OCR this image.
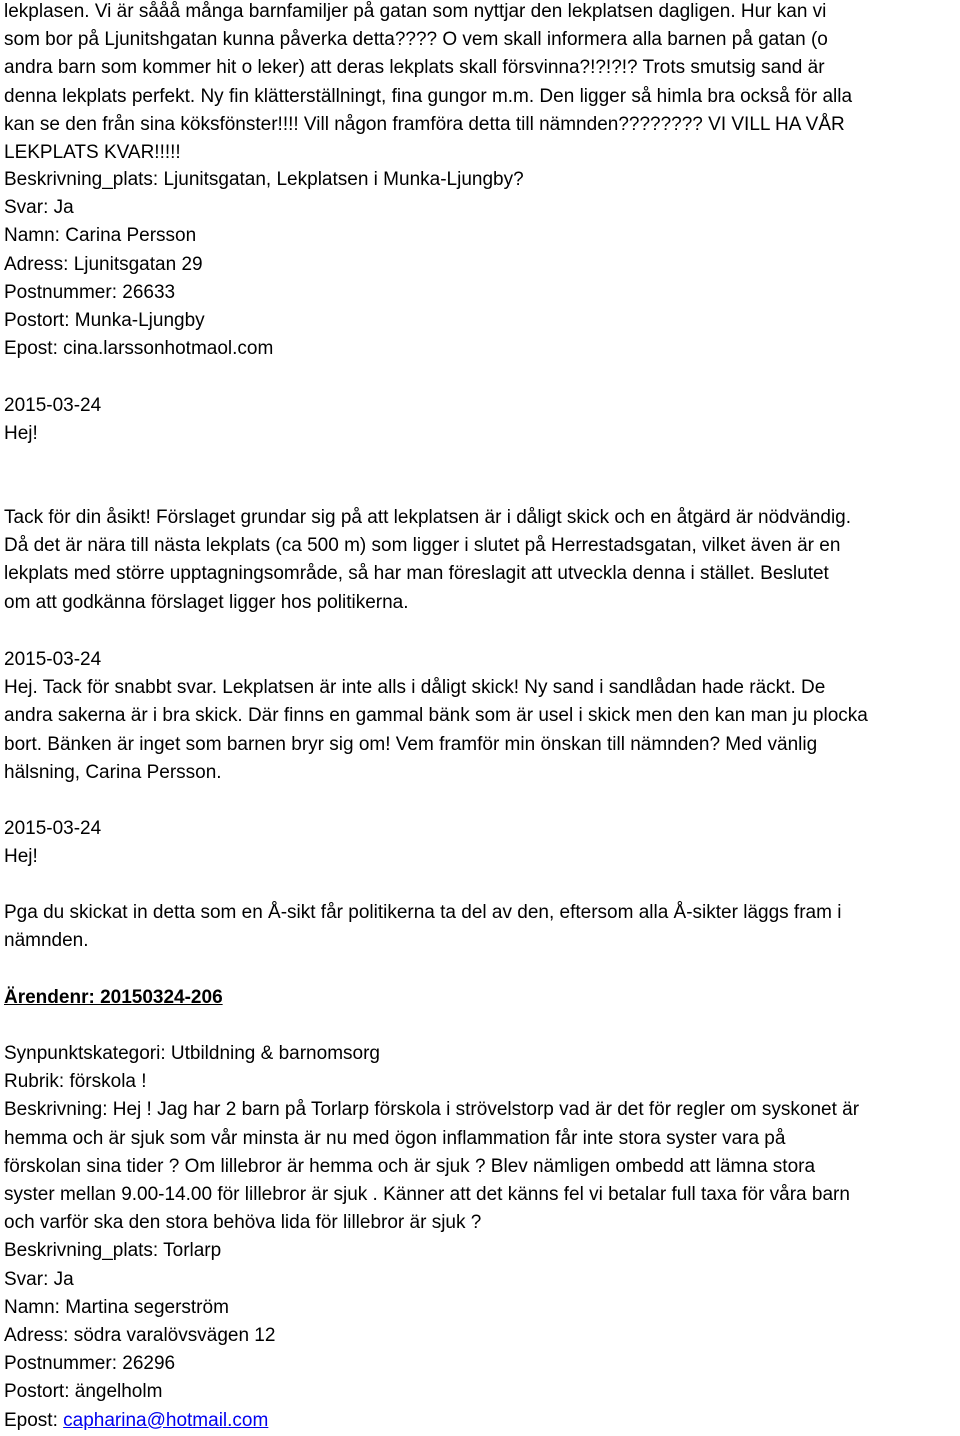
lekplasen. Vi är sååå många barnfamiljer på gatan som nyttjar den lekplatsen dagligen. Hur kan vi
som bor på Ljunitshgatan kunna påverka detta???? O vem skall informera alla barnen på gatan (o
andra barn som kommer hit o leker) att deras lekplats skall försvinna?!?!?!? Trots smutsig sand är
denna lekplats perfekt. Ny fin klätterställningt, fina gungor m.m. Den ligger så himla bra också för alla
kan se den från sina köksfönster!!!! Vill någon framföra detta till nämnden???????? VI VILL HA VÅR
LEKPLATS KVAR!!!!!
Beskrivning_plats: Ljunitsgatan, Lekplatsen i Munka-Ljungby?
Svar: Ja
Namn: Carina Persson
Adress: Ljunitsgatan 29
Postnummer: 26633
Postort: Munka-Ljungby
Epost: cina.larssonhotmaol.com
2015-03-24
Hej!
Tack för din åsikt! Förslaget grundar sig på att lekplatsen är i dåligt skick och en åtgärd är nödvändig.
Då det är nära till nästa lekplats (ca 500 m) som ligger i slutet på Herrestadsgatan, vilket även är en
lekplats med större upptagningsområde, så har man föreslagit att utveckla denna i stället. Beslutet
om att godkänna förslaget ligger hos politikerna.
2015-03-24
Hej. Tack för snabbt svar. Lekplatsen är inte alls i dåligt skick! Ny sand i sandlådan hade räckt. De
andra sakerna är i bra skick. Där finns en gammal bänk som är usel i skick men den kan man ju plocka
bort. Bänken är inget som barnen bryr sig om! Vem framför min önskan till nämnden? Med vänlig
hälsning, Carina Persson.
2015-03-24
Hej!
Pga du skickat in detta som en Å-sikt får politikerna ta del av den, eftersom alla Å-sikter läggs fram i
nämnden.
Ärendenr: 20150324-206
Synpunktskategori: Utbildning & barnomsorg
Rubrik: förskola !
Beskrivning: Hej ! Jag har 2 barn på Torlarp förskola i strövelstorp vad är det för regler om syskonet är
hemma och är sjuk som vår minsta är nu med ögon inflammation får inte stora syster vara på
förskolan sina tider ? Om lillebror är hemma och är sjuk ? Blev nämligen ombedd att lämna stora
syster mellan 9.00-14.00 för lillebror är sjuk . Känner att det känns fel vi betalar full taxa för våra barn
och varför ska den stora behöva lida för lillebror är sjuk ?
Beskrivning_plats: Torlarp
Svar: Ja
Namn: Martina segerström
Adress: södra varalövsvägen 12
Postnummer: 26296
Postort: ängelholm
Epost: capharina@hotmail.com
